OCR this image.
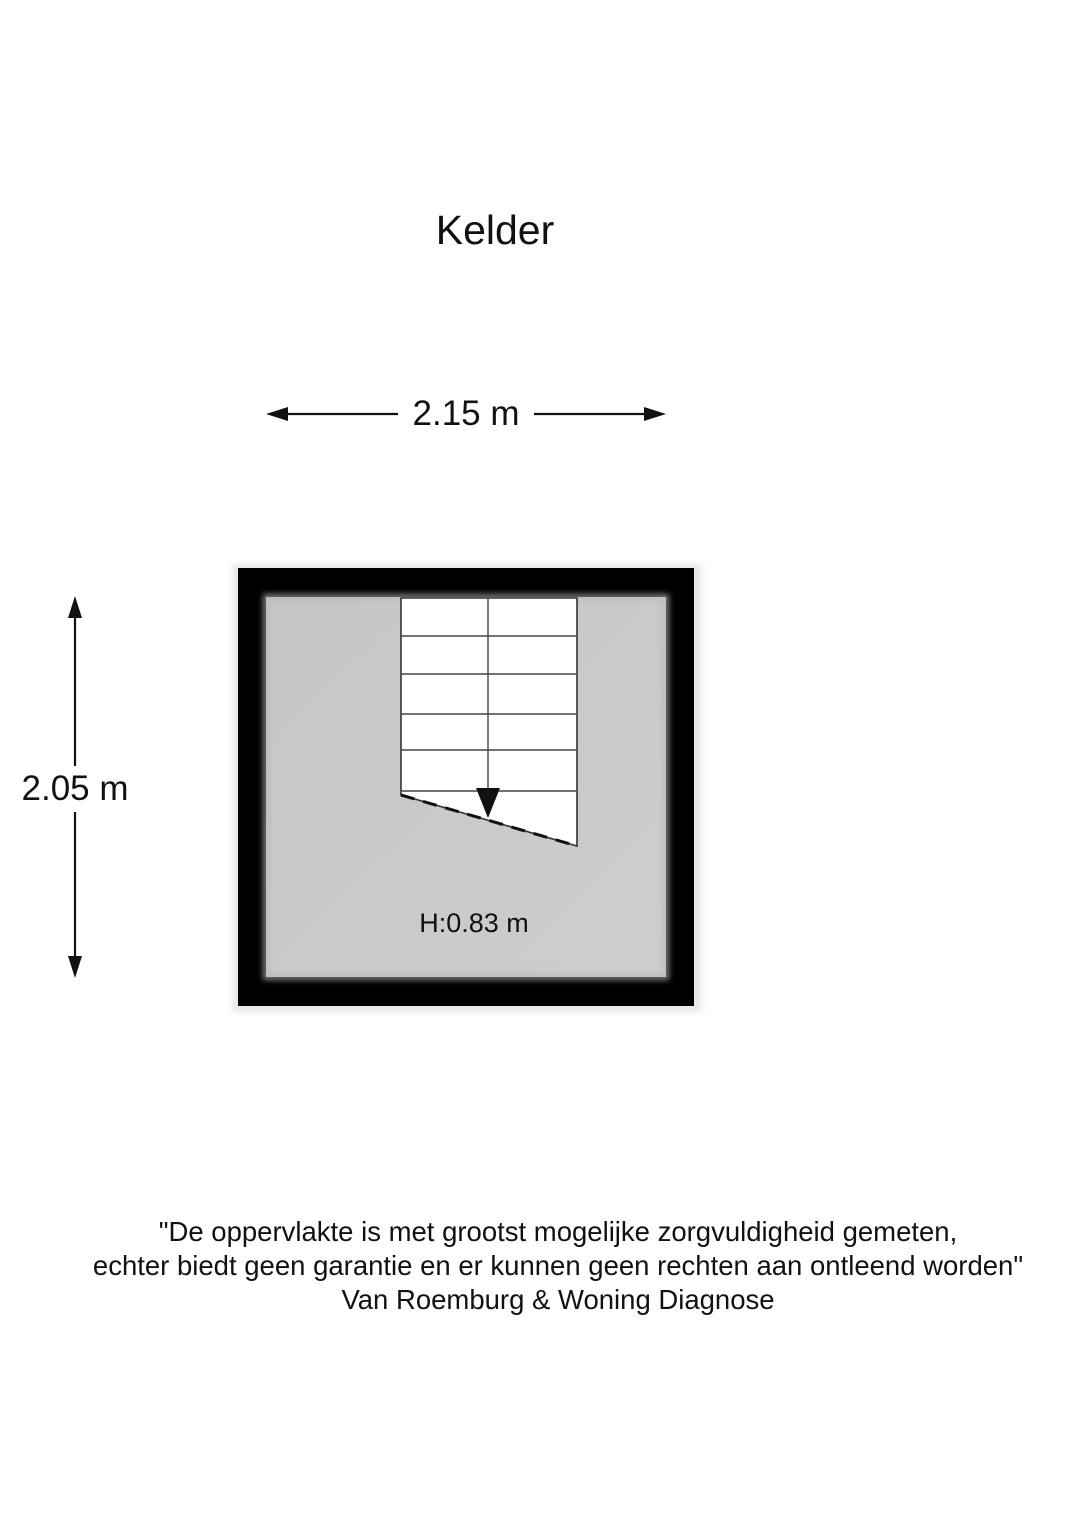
Kelder
2.15 m
2.05 m
H:0.83 m
"De oppervlakte is met grootst mogelijke zorgvuldigheid gemeten,
echter biedt geen garantie en er kunnen geen rechten aan ontleend worden"
Van Roemburg & Woning Diagnose
